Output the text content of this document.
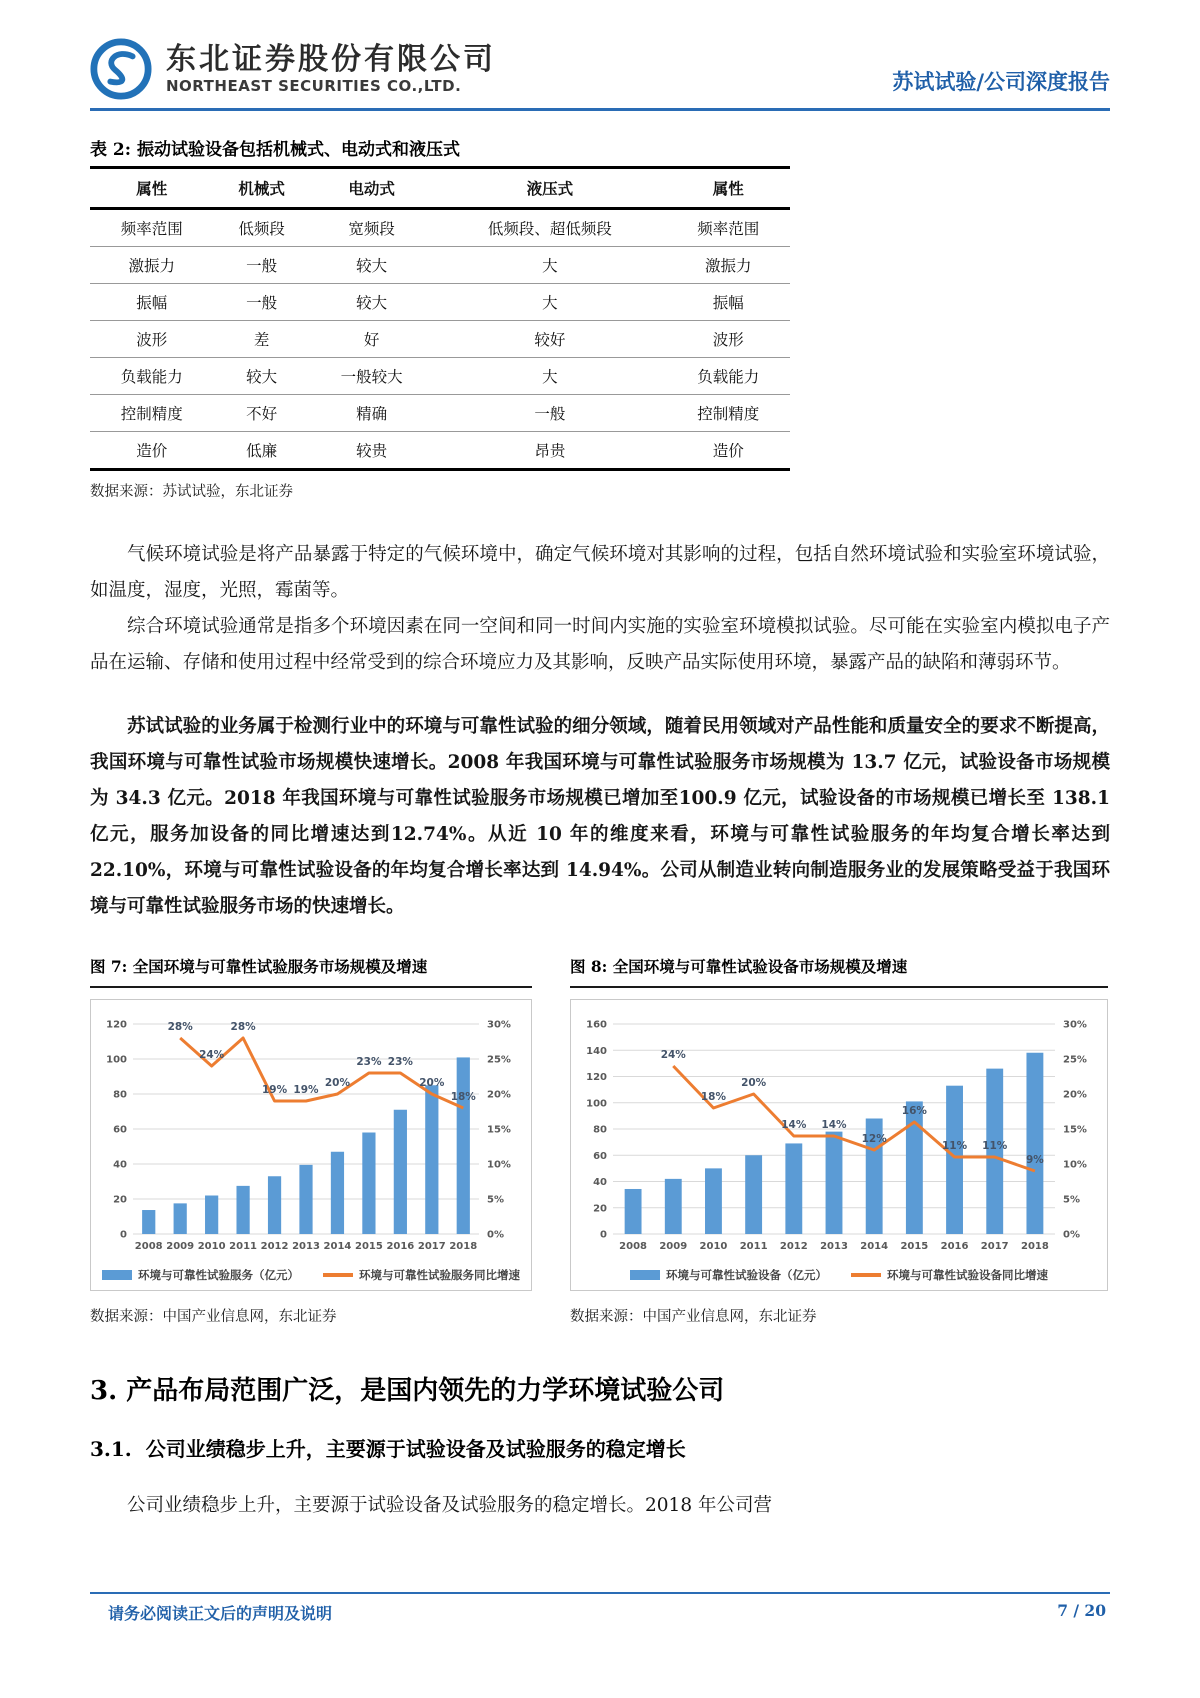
东北证券股份有限公司
NORTHEAST SECURITIES CO.,LTD.	苏试试验/公司深度报告
表 2: 振动试验设备包括机械式、电动式和液压式
属性	机械式	电动式	液压式	属性
频率范围	低频段	宽频段	低频段、超低频段	频率范围
激振力	一般	较大	大	激振力
振幅	一般	较大	大	振幅
波形	差	好	较好	波形
负载能力	较大	一般较大	大	负载能力
控制精度	不好	精确	一般	控制精度
造价	低廉	较贵	昂贵	造价
数据来源：苏试试验，东北证券

气候环境试验是将产品暴露于特定的气候环境中，确定气候环境对其影响的过程，包括自然环境试验和实验室环境试验，如温度，湿度，光照，霉菌等。

综合环境试验通常是指多个环境因素在同一空间和同一时间内实施的实验室环境模拟试验。尽可能在实验室内模拟电子产品在运输、存储和使用过程中经常受到的综合环境应力及其影响，反映产品实际使用环境，暴露产品的缺陷和薄弱环节。

苏试试验的业务属于检测行业中的环境与可靠性试验的细分领域，随着民用领域对产品性能和质量安全的要求不断提高，我国环境与可靠性试验市场规模快速增长。2008 年我国环境与可靠性试验服务市场规模为 13.7 亿元，试验设备市场规模为 34.3 亿元。2018 年我国环境与可靠性试验服务市场规模已增加至100.9 亿元，试验设备的市场规模已增长至 138.1 亿元，服务加设备的同比增速达到12.74%。从近 10 年的维度来看，环境与可靠性试验服务的年均复合增长率达到 22.10%，环境与可靠性试验设备的年均复合增长率达到 14.94%。公司从制造业转向制造服务业的发展策略受益于我国环境与可靠性试验服务市场的快速增长。

图 7: 全国环境与可靠性试验服务市场规模及增速
0
20
40
60
80
100
120
0%
5%
10%
15%
20%
25%
30%
28%
24%
28%
19% 19%
20%
23% 23%
20%
18%
2008 2009 2010 2011 2012 2013 2014 2015 2016 2017 2018
环境与可靠性试验服务（亿元）	环境与可靠性试验服务同比增速
数据来源：中国产业信息网，东北证券
图 8: 全国环境与可靠性试验设备市场规模及增速
0
20
40
60
80
100
120
140
160
0%
5%
10%
15%
20%
25%
30%
24%
18%
20%
14% 14%
12%
16%
11% 11%
9%
2008 2009 2010 2011 2012 2013 2014 2015 2016 2017 2018
环境与可靠性试验设备（亿元）	环境与可靠性试验设备同比增速
数据来源：中国产业信息网，东北证券
3. 产品布局范围广泛，是国内领先的力学环境试验公司
3.1. 公司业绩稳步上升，主要源于试验设备及试验服务的稳定增长

公司业绩稳步上升，主要源于试验设备及试验服务的稳定增长。2018 年公司营

请务必阅读正文后的声明及说明	7 / 20
